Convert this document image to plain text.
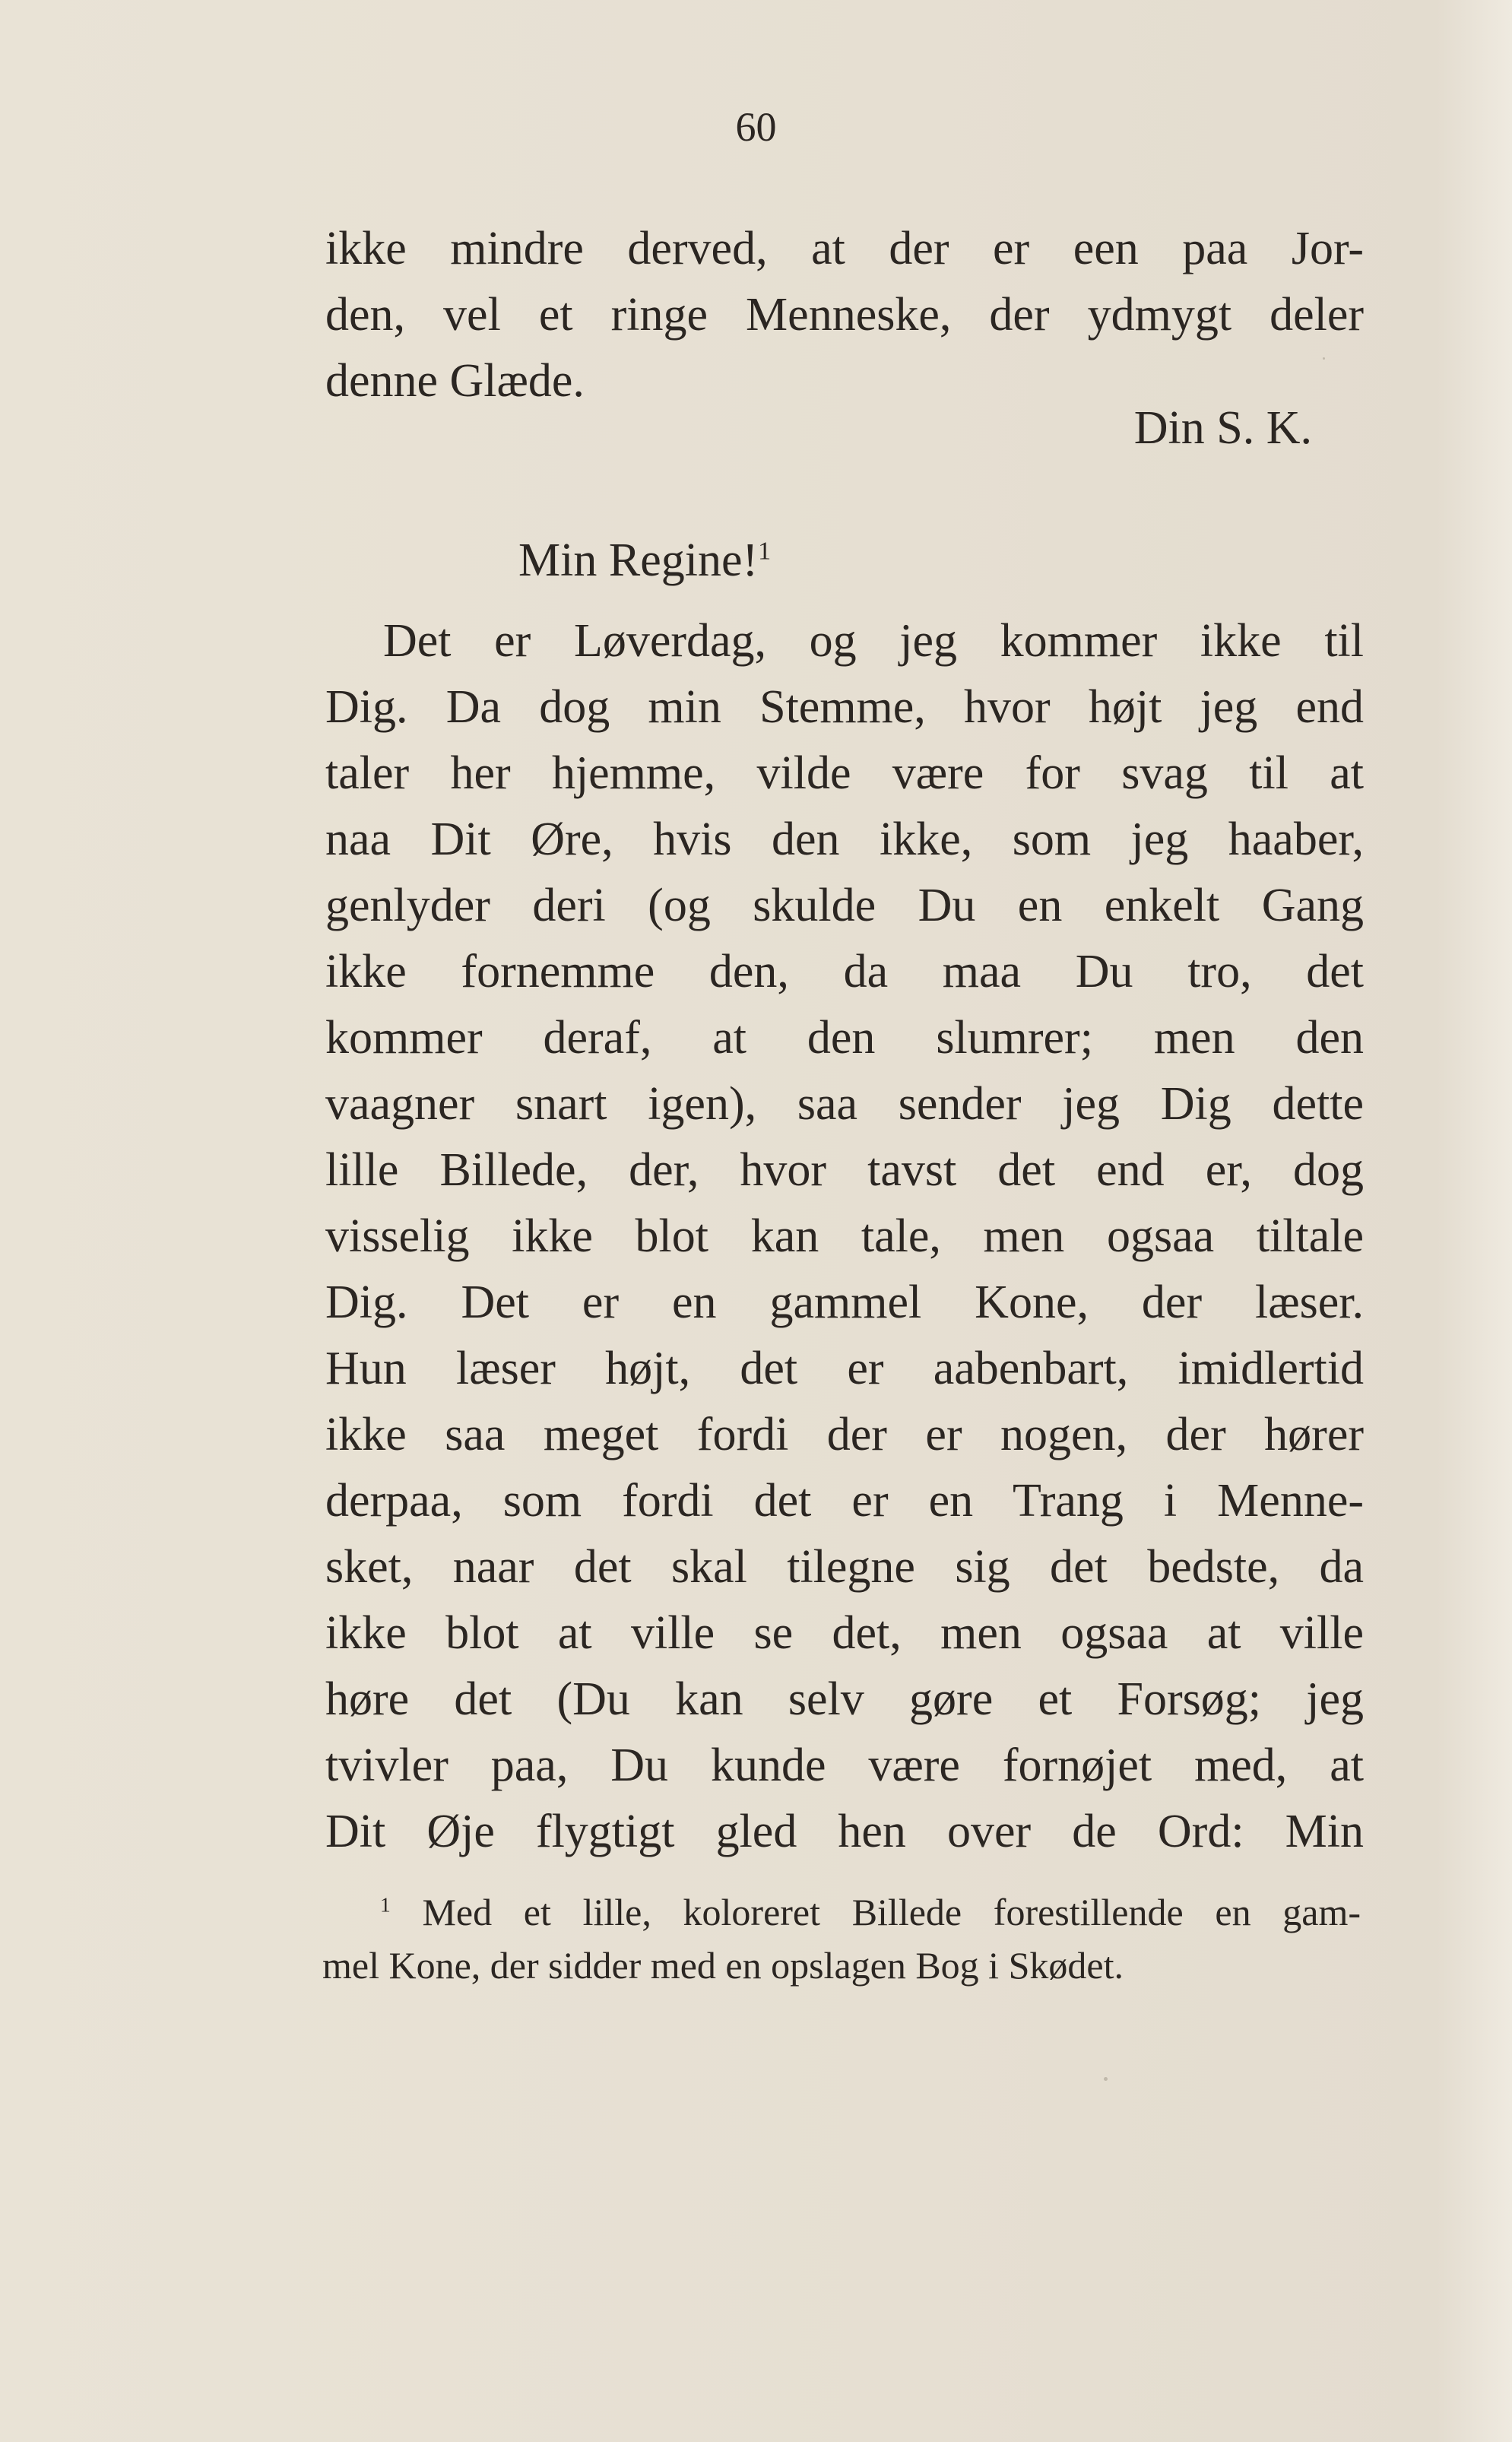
60
ikke mindre derved, at der er een paa Jor-
den, vel et ringe Menneske, der ydmygt deler
denne Glæde.
Din S. K.
Min Regine!$^1$
Det er Løverdag, og jeg kommer ikke til
Dig. Da dog min Stemme, hvor højt jeg end
taler her hjemme, vilde være for svag til at
naa Dit Øre, hvis den ikke, som jeg haaber,
genlyder deri (og skulde Du en enkelt Gang
ikke fornemme den, da maa Du tro, det
kommer deraf, at den slumrer; men den
vaagner snart igen), saa sender jeg Dig dette
lille Billede, der, hvor tavst det end er, dog
visselig ikke blot kan tale, men ogsaa tiltale
Dig. Det er en gammel Kone, der læser.
Hun læser højt, det er aabenbart, imidlertid
ikke saa meget fordi der er nogen, der hører
derpaa, som fordi det er en Trang i Menne-
sket, naar det skal tilegne sig det bedste, da
ikke blot at ville se det, men ogsaa at ville
høre det (Du kan selv gøre et Forsøg; jeg
tvivler paa, Du kunde være fornøjet med, at
Dit Øje flygtigt gled hen over de Ord: Min
$^1$ Med et lille, koloreret Billede forestillende en gam-
mel Kone, der sidder med en opslagen Bog i Skødet.
